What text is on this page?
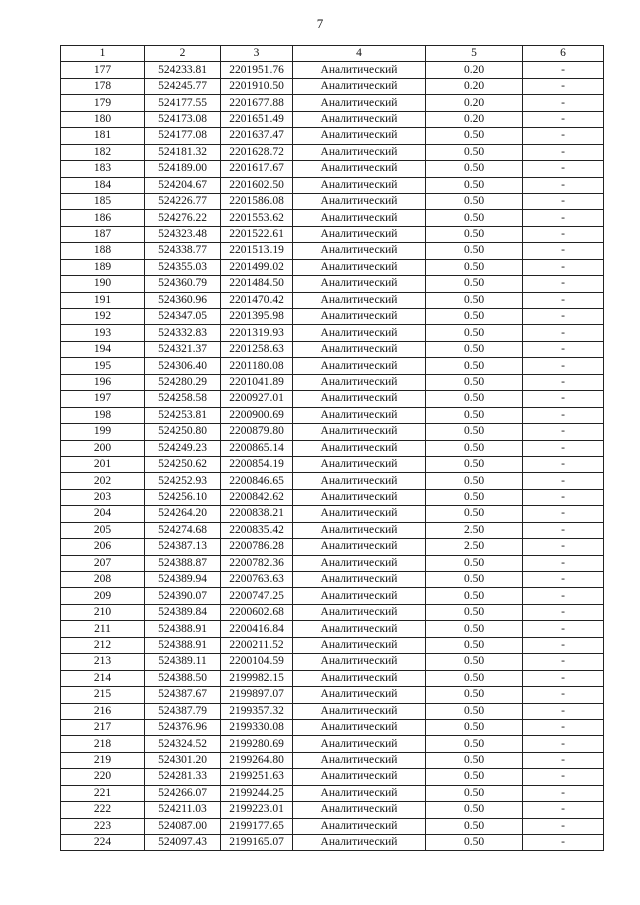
7
1	2	3	4	5	6
177	524233.81	2201951.76	Аналитический	0.20	-
178	524245.77	2201910.50	Аналитический	0.20	-
179	524177.55	2201677.88	Аналитический	0.20	-
180	524173.08	2201651.49	Аналитический	0.20	-
181	524177.08	2201637.47	Аналитический	0.50	-
182	524181.32	2201628.72	Аналитический	0.50	-
183	524189.00	2201617.67	Аналитический	0.50	-
184	524204.67	2201602.50	Аналитический	0.50	-
185	524226.77	2201586.08	Аналитический	0.50	-
186	524276.22	2201553.62	Аналитический	0.50	-
187	524323.48	2201522.61	Аналитический	0.50	-
188	524338.77	2201513.19	Аналитический	0.50	-
189	524355.03	2201499.02	Аналитический	0.50	-
190	524360.79	2201484.50	Аналитический	0.50	-
191	524360.96	2201470.42	Аналитический	0.50	-
192	524347.05	2201395.98	Аналитический	0.50	-
193	524332.83	2201319.93	Аналитический	0.50	-
194	524321.37	2201258.63	Аналитический	0.50	-
195	524306.40	2201180.08	Аналитический	0.50	-
196	524280.29	2201041.89	Аналитический	0.50	-
197	524258.58	2200927.01	Аналитический	0.50	-
198	524253.81	2200900.69	Аналитический	0.50	-
199	524250.80	2200879.80	Аналитический	0.50	-
200	524249.23	2200865.14	Аналитический	0.50	-
201	524250.62	2200854.19	Аналитический	0.50	-
202	524252.93	2200846.65	Аналитический	0.50	-
203	524256.10	2200842.62	Аналитический	0.50	-
204	524264.20	2200838.21	Аналитический	0.50	-
205	524274.68	2200835.42	Аналитический	2.50	-
206	524387.13	2200786.28	Аналитический	2.50	-
207	524388.87	2200782.36	Аналитический	0.50	-
208	524389.94	2200763.63	Аналитический	0.50	-
209	524390.07	2200747.25	Аналитический	0.50	-
210	524389.84	2200602.68	Аналитический	0.50	-
211	524388.91	2200416.84	Аналитический	0.50	-
212	524388.91	2200211.52	Аналитический	0.50	-
213	524389.11	2200104.59	Аналитический	0.50	-
214	524388.50	2199982.15	Аналитический	0.50	-
215	524387.67	2199897.07	Аналитический	0.50	-
216	524387.79	2199357.32	Аналитический	0.50	-
217	524376.96	2199330.08	Аналитический	0.50	-
218	524324.52	2199280.69	Аналитический	0.50	-
219	524301.20	2199264.80	Аналитический	0.50	-
220	524281.33	2199251.63	Аналитический	0.50	-
221	524266.07	2199244.25	Аналитический	0.50	-
222	524211.03	2199223.01	Аналитический	0.50	-
223	524087.00	2199177.65	Аналитический	0.50	-
224	524097.43	2199165.07	Аналитический	0.50	-
